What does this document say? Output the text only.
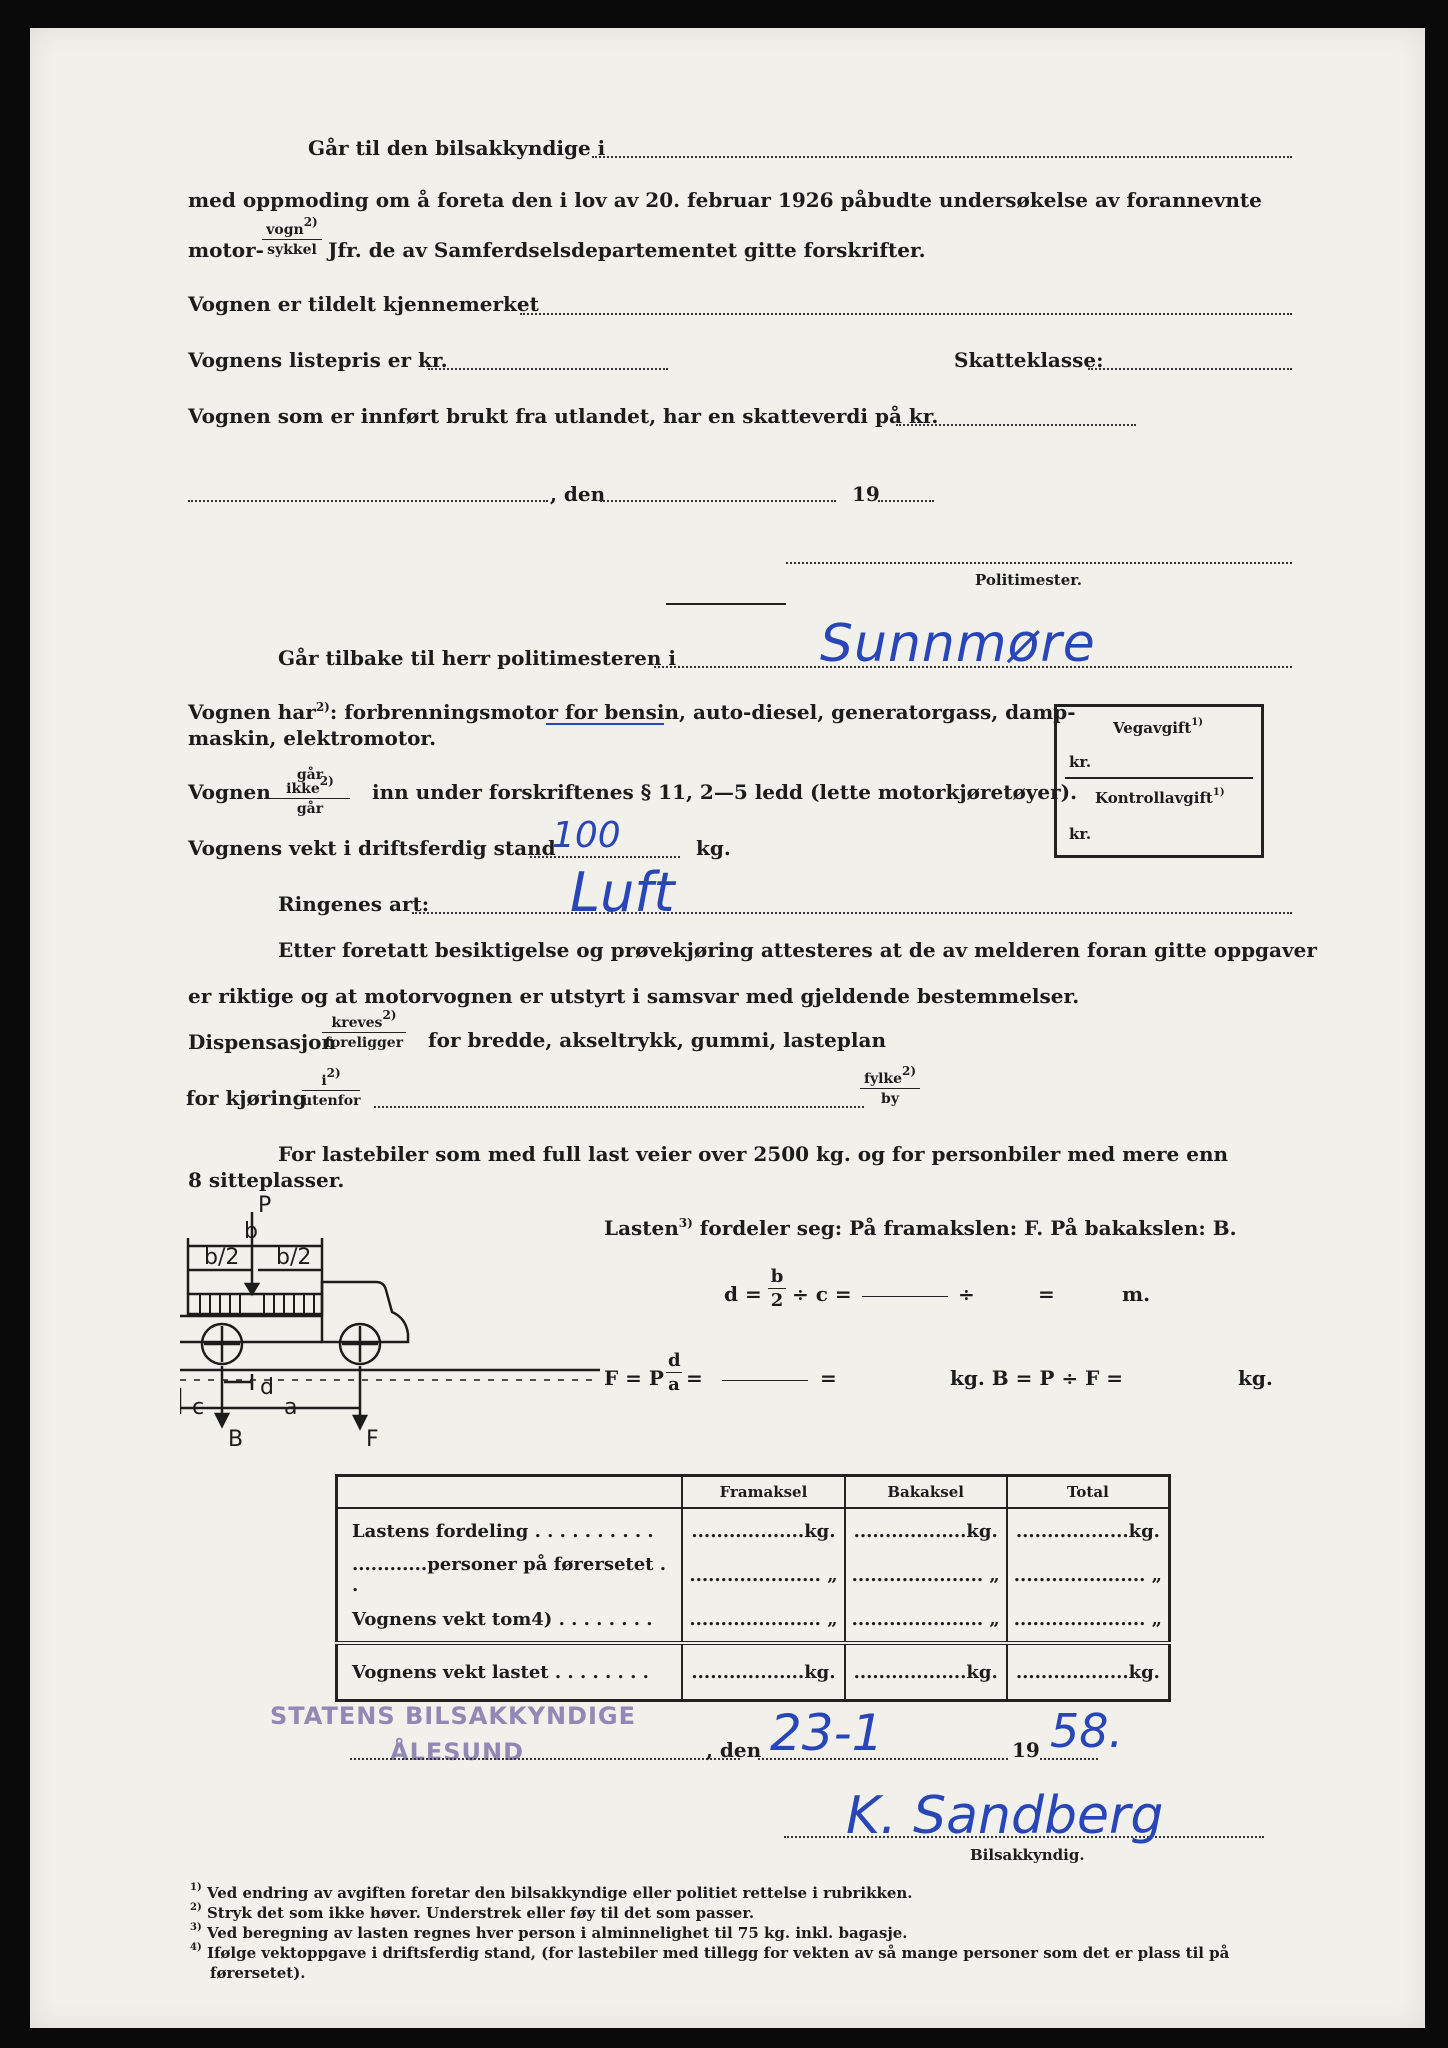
Går til den bilsakkyndige i
med oppmoding om å foreta den i lov av 20. februar 1926 påbudte undersøkelse av forannevnte
motor-
vogn2)
sykkel Jfr. de av Samferdselsdepartementet gitte forskrifter.
Vognen er tildelt kjennemerket
Vognens listepris er kr.	Skatteklasse:
Vognen som er innført brukt fra utlandet, har en skatteverdi på kr.
, den	19
Politimester.
Går tilbake til herr politimesteren i	Sunnmøre
Vognen har$^{2)}$: forbrenningsmotor for bensin, auto-diesel, generatorgass, damp-
maskin, elektromotor.	Vegavgift$^{1)}$
kr.
Kontrollavgift$^{1)}$
kr.
Vognen
går ikke2)
går
inn under forskriftenes § 11, 2—5 ledd (lette motorkjøretøyer).
Vognens vekt i driftsferdig stand	kg.
100
Ringenes art:	Luft
Etter foretatt besiktigelse og prøvekjøring attesteres at de av melderen foran gitte oppgaver
er riktige og at motorvognen er utstyrt i samsvar med gjeldende bestemmelser.
Dispensasjon
kreves2)
foreligger for bredde, akseltrykk, gummi, lasteplan
for kjøring
i2)
utenfor
fylke2)
by
For lastebiler som med full last veier over 2500 kg. og for personbiler med mere enn
8 sitteplasser.
P
b
b/2 b/2
c
d
a
B	F
Lasten$^{3)}$ fordeler seg: På framakslen: F. På bakakslen: B.
$d = \frac{b}{2} \div c$ =	÷	=	m.
F = P $\frac{d}{a}$ =	=	kg. B = P ÷ F =	kg.
	Framaksel	Bakaksel	Total
Lastens fordeling . . . . . . . . . .	..................kg.	..................kg.	..................kg.
............personer på førersetet . .	..................... „	..................... „	..................... „
Vognens vekt tom4) . . . . . . . .	..................... „	..................... „	..................... „
Vognens vekt lastet . . . . . . . .	..................kg.	..................kg.	..................kg.
STATENS BILSAKKYNDIGE
ÅLESUND	, den	19
23-1	58.
K. Sandberg
Bilsakkyndig.
$^{1)}$ Ved endring av avgiften foretar den bilsakkyndige eller politiet rettelse i rubrikken.
$^{2)}$ Stryk det som ikke høver. Understrek eller føy til det som passer.
$^{3)}$ Ved beregning av lasten regnes hver person i alminnelighet til 75 kg. inkl. bagasje.
$^{4)}$ Ifølge vektoppgave i driftsferdig stand, (for lastebiler med tillegg for vekten av så mange personer som det er plass til på
førersetet).
